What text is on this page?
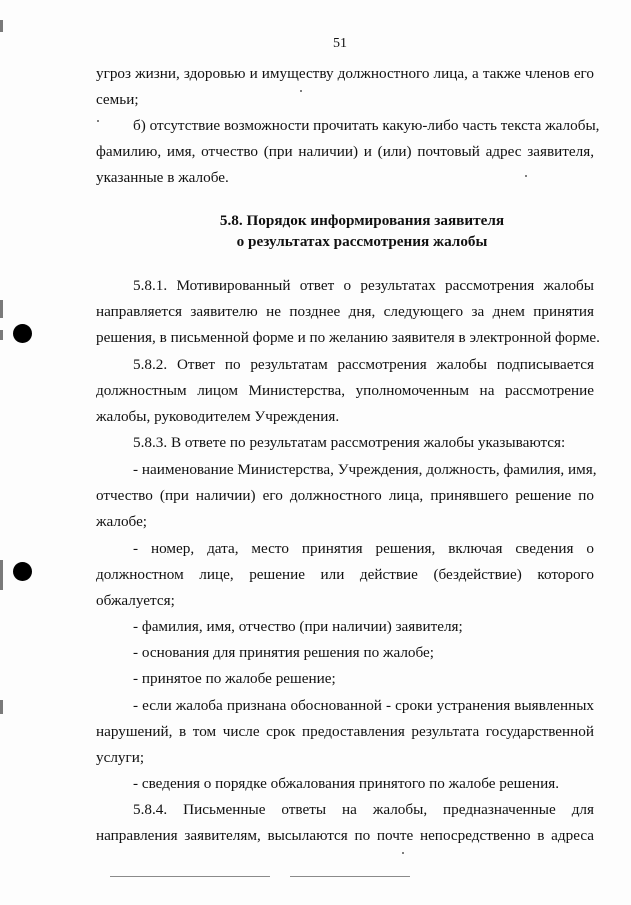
51
угроз жизни, здоровью и имуществу должностного лица, а также членов его
семьи;
б) отсутствие возможности прочитать какую-либо часть текста жалобы,
фамилию, имя, отчество (при наличии) и (или) почтовый адрес заявителя,
указанные в жалобе.
5.8. Порядок информирования заявителя
о результатах рассмотрения жалобы
5.8.1. Мотивированный ответ о результатах рассмотрения жалобы
направляется заявителю не позднее дня, следующего за днем принятия
решения, в письменной форме и по желанию заявителя в электронной форме.
5.8.2. Ответ по результатам рассмотрения жалобы подписывается
должностным лицом Министерства, уполномоченным на рассмотрение
жалобы, руководителем Учреждения.
5.8.3. В ответе по результатам рассмотрения жалобы указываются:
- наименование Министерства, Учреждения, должность, фамилия, имя,
отчество (при наличии) его должностного лица, принявшего решение по
жалобе;
- номер, дата, место принятия решения, включая сведения о
должностном лице, решение или действие (бездействие) которого
обжалуется;
- фамилия, имя, отчество (при наличии) заявителя;
- основания для принятия решения по жалобе;
- принятое по жалобе решение;
- если жалоба признана обоснованной - сроки устранения выявленных
нарушений, в том числе срок предоставления результата государственной
услуги;
- сведения о порядке обжалования принятого по жалобе решения.
5.8.4. Письменные ответы на жалобы, предназначенные для
направления заявителям, высылаются по почте непосредственно в адреса
